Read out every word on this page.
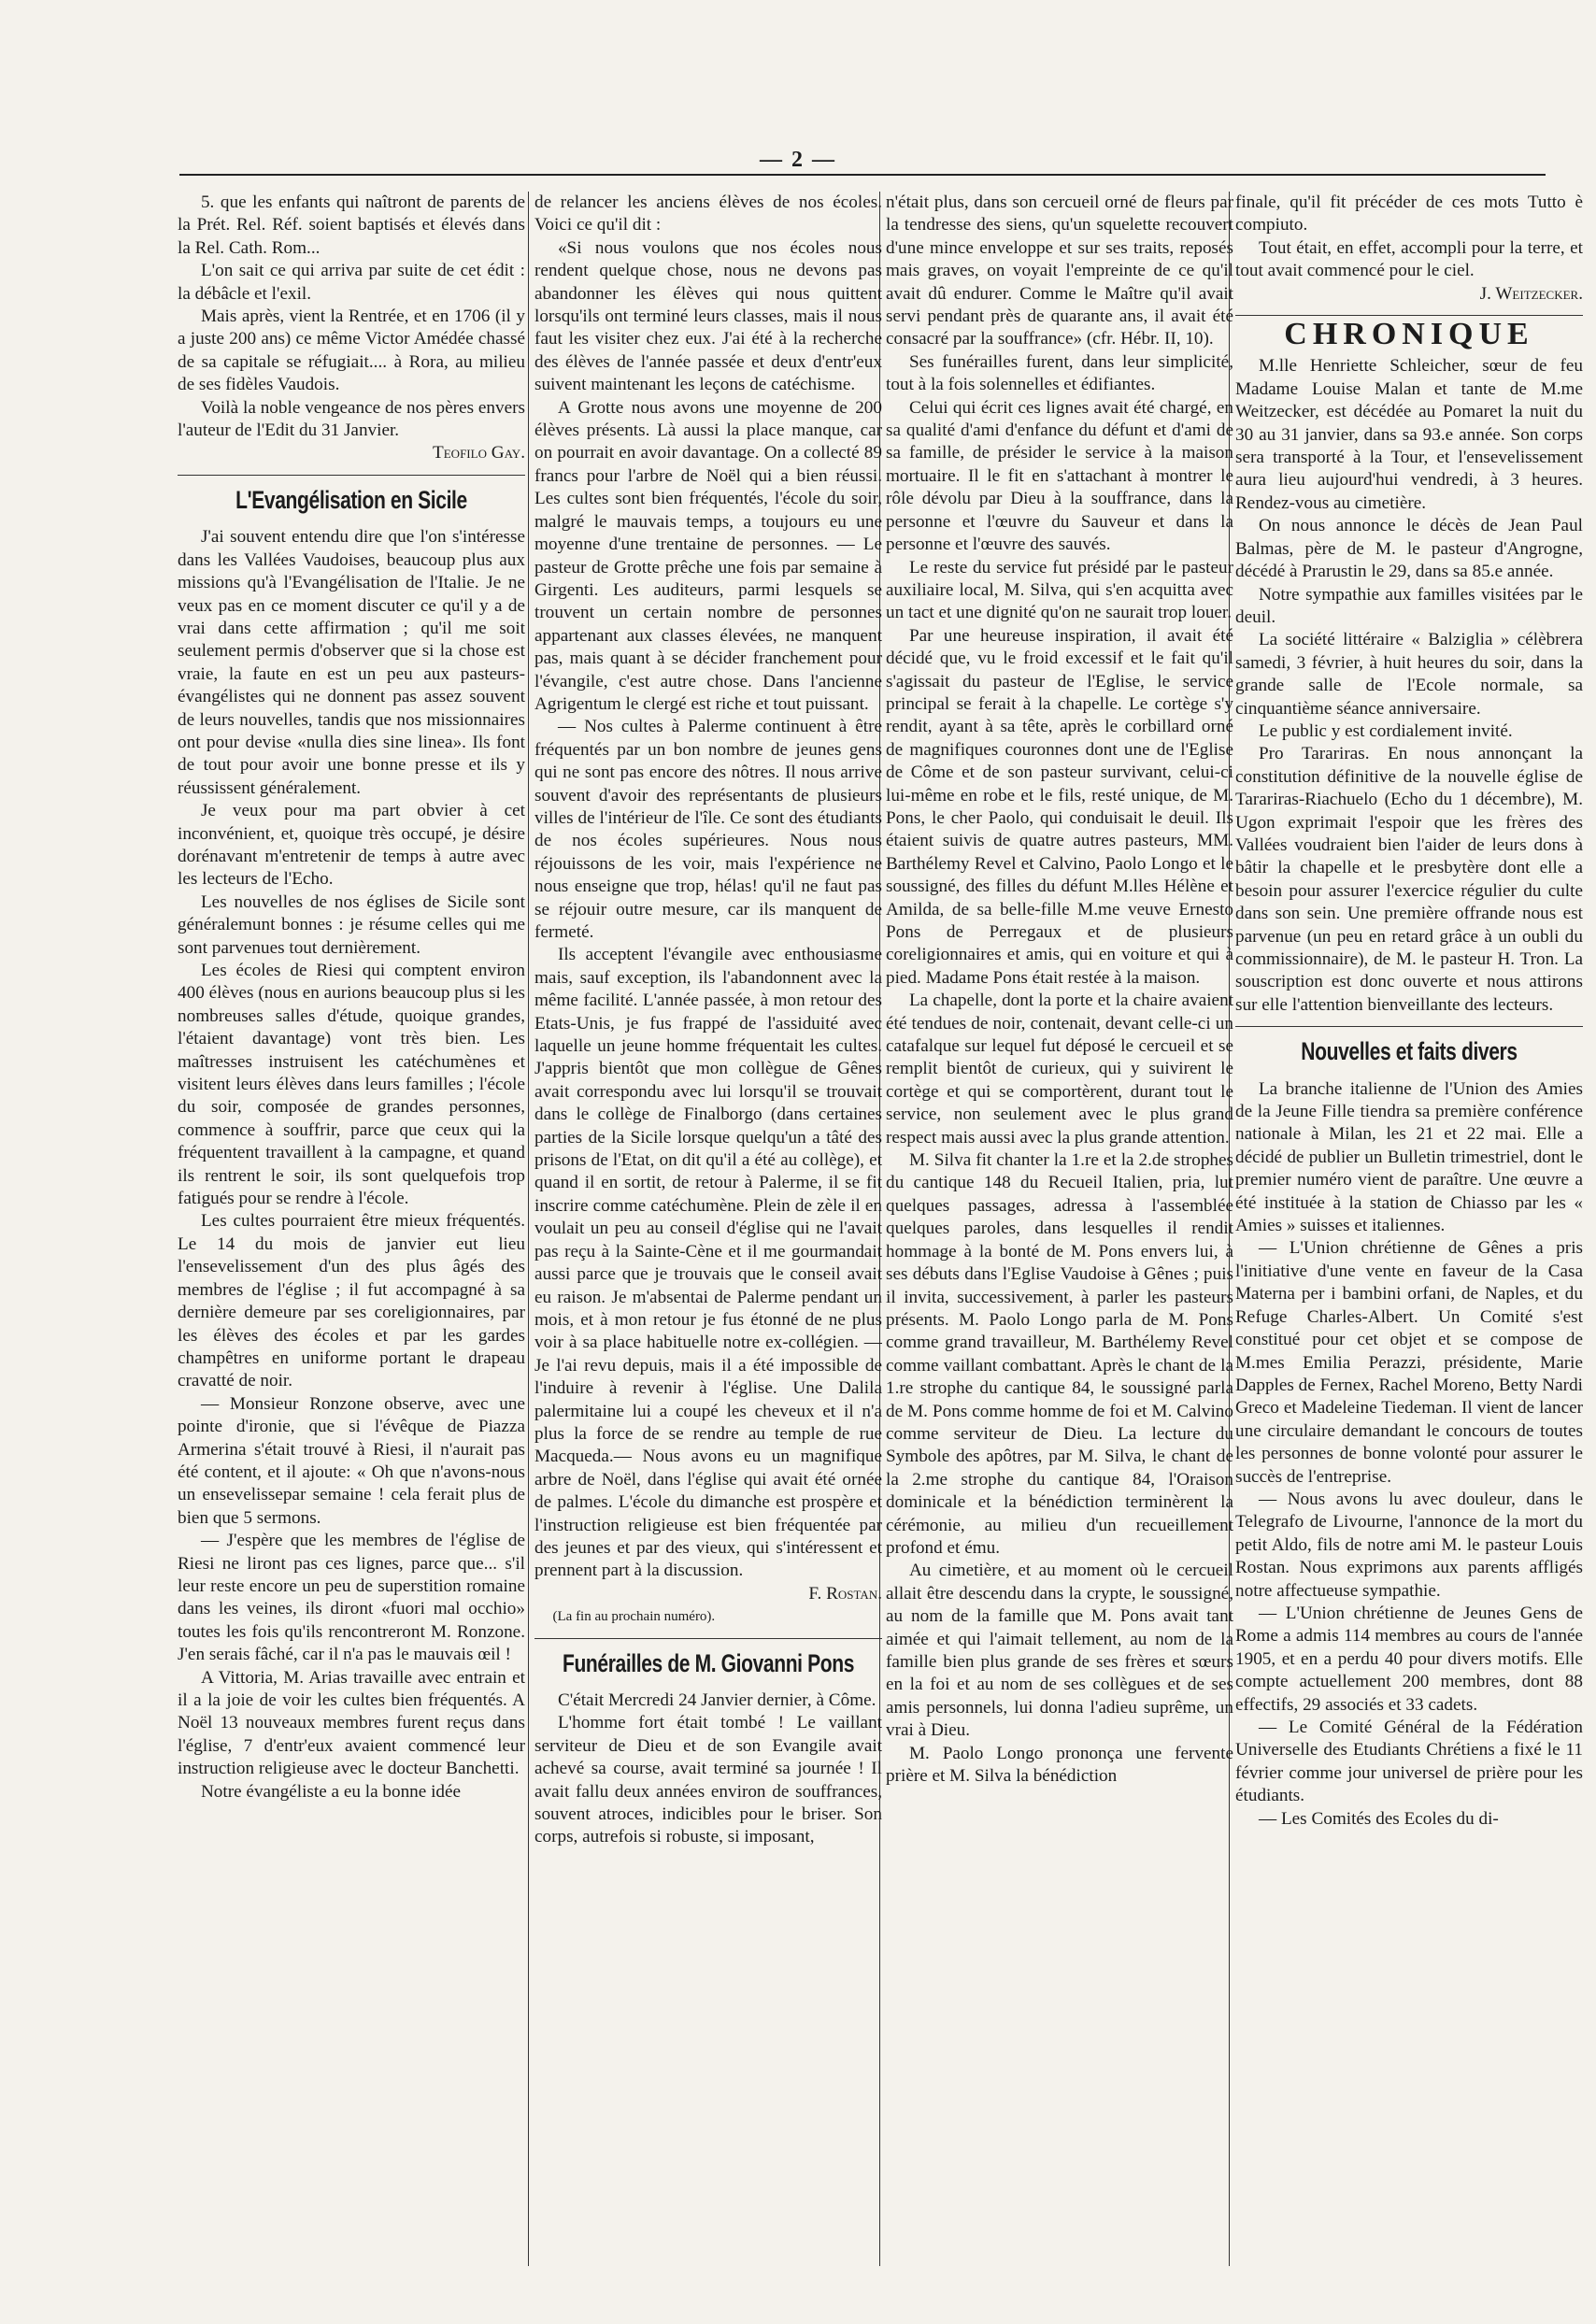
— 2 —

5. que les enfants qui naîtront de parents de la Prét. Rel. Réf. soient baptisés et élevés dans la Rel. Cath. Rom...

L'on sait ce qui arriva par suite de cet édit : la débâcle et l'exil.

Mais après, vient la Rentrée, et en 1706 (il y a juste 200 ans) ce même Victor Amédée chassé de sa capitale se réfugiait.... à Rora, au milieu de ses fidèles Vaudois.

Voilà la noble vengeance de nos pères envers l'auteur de l'Edit du 31 Janvier.

Teofilo Gay.

L'Evangélisation en Sicile

J'ai souvent entendu dire que l'on s'intéresse dans les Vallées Vaudoises, beaucoup plus aux missions qu'à l'Evangélisation de l'Italie. Je ne veux pas en ce moment discuter ce qu'il y a de vrai dans cette affirmation ; qu'il me soit seulement permis d'observer que si la chose est vraie, la faute en est un peu aux pasteurs-évangélistes qui ne donnent pas assez souvent de leurs nouvelles, tandis que nos missionnaires ont pour devise «nulla dies sine linea». Ils font de tout pour avoir une bonne presse et ils y réussissent généralement.

Je veux pour ma part obvier à cet inconvénient, et, quoique très occupé, je désire dorénavant m'entretenir de temps à autre avec les lecteurs de l'Echo.

Les nouvelles de nos églises de Sicile sont généralemunt bonnes : je résume celles qui me sont parvenues tout dernièrement.

Les écoles de Riesi qui comptent environ 400 élèves (nous en aurions beaucoup plus si les nombreuses salles d'étude, quoique grandes, l'étaient davantage) vont très bien. Les maîtresses instruisent les catéchumènes et visitent leurs élèves dans leurs familles ; l'école du soir, composée de grandes personnes, commence à souffrir, parce que ceux qui la fréquentent travaillent à la campagne, et quand ils rentrent le soir, ils sont quelquefois trop fatigués pour se rendre à l'école.

Les cultes pourraient être mieux fréquentés. Le 14 du mois de janvier eut lieu l'ensevelissement d'un des plus âgés des membres de l'église ; il fut accompagné à sa dernière demeure par ses coreligionnaires, par les élèves des écoles et par les gardes champêtres en uniforme portant le drapeau cravatté de noir.

— Monsieur Ronzone observe, avec une pointe d'ironie, que si l'évêque de Piazza Armerina s'était trouvé à Riesi, il n'aurait pas été content, et il ajoute: « Oh que n'avons-nous un ensevelissepar semaine ! cela ferait plus de bien que 5 sermons.

— J'espère que les membres de l'église de Riesi ne liront pas ces lignes, parce que... s'il leur reste encore un peu de superstition romaine dans les veines, ils diront «fuori mal occhio» toutes les fois qu'ils rencontreront M. Ronzone. J'en serais fâché, car il n'a pas le mauvais œil !

A Vittoria, M. Arias travaille avec entrain et il a la joie de voir les cultes bien fréquentés. A Noël 13 nouveaux membres furent reçus dans l'église, 7 d'entr'eux avaient commencé leur instruction religieuse avec le docteur Banchetti.

Notre évangéliste a eu la bonne idée

de relancer les anciens élèves de nos écoles. Voici ce qu'il dit :

«Si nous voulons que nos écoles nous rendent quelque chose, nous ne devons pas abandonner les élèves qui nous quittent lorsqu'ils ont terminé leurs classes, mais il nous faut les visiter chez eux. J'ai été à la recherche des élèves de l'année passée et deux d'entr'eux suivent maintenant les leçons de catéchisme.

A Grotte nous avons une moyenne de 200 élèves présents. Là aussi la place manque, car on pourrait en avoir davantage. On a collecté 89 francs pour l'arbre de Noël qui a bien réussi. Les cultes sont bien fréquentés, l'école du soir, malgré le mauvais temps, a toujours eu une moyenne d'une trentaine de personnes. — Le pasteur de Grotte prêche une fois par semaine à Girgenti. Les auditeurs, parmi lesquels se trouvent un certain nombre de personnes appartenant aux classes élevées, ne manquent pas, mais quant à se décider franchement pour l'évangile, c'est autre chose. Dans l'ancienne Agrigentum le clergé est riche et tout puissant.

— Nos cultes à Palerme continuent à être fréquentés par un bon nombre de jeunes gens qui ne sont pas encore des nôtres. Il nous arrive souvent d'avoir des représentants de plusieurs villes de l'intérieur de l'île. Ce sont des étudiants de nos écoles supérieures. Nous nous réjouissons de les voir, mais l'expérience ne nous enseigne que trop, hélas! qu'il ne faut pas se réjouir outre mesure, car ils manquent de fermeté.

Ils acceptent l'évangile avec enthousiasme mais, sauf exception, ils l'abandonnent avec la même facilité. L'année passée, à mon retour des Etats-Unis, je fus frappé de l'assiduité avec laquelle un jeune homme fréquentait les cultes. J'appris bientôt que mon collègue de Gênes avait correspondu avec lui lorsqu'il se trouvait dans le collège de Finalborgo (dans certaines parties de la Sicile lorsque quelqu'un a tâté des prisons de l'Etat, on dit qu'il a été au collège), et quand il en sortit, de retour à Palerme, il se fit inscrire comme catéchumène. Plein de zèle il en voulait un peu au conseil d'église qui ne l'avait pas reçu à la Sainte-Cène et il me gourmandait aussi parce que je trouvais que le conseil avait eu raison. Je m'absentai de Palerme pendant un mois, et à mon retour je fus étonné de ne plus voir à sa place habituelle notre ex-collégien. — Je l'ai revu depuis, mais il a été impossible de l'induire à revenir à l'église. Une Dalila palermitaine lui a coupé les cheveux et il n'a plus la force de se rendre au temple de rue Macqueda.— Nous avons eu un magnifique arbre de Noël, dans l'église qui avait été ornée de palmes. L'école du dimanche est prospère et l'instruction religieuse est bien fréquentée par des jeunes et par des vieux, qui s'intéressent et prennent part à la discussion.

F. Rostan.

(La fin au prochain numéro).

Funérailles de M. Giovanni Pons

C'était Mercredi 24 Janvier dernier, à Côme.

L'homme fort était tombé ! Le vaillant serviteur de Dieu et de son Evangile avait achevé sa course, avait terminé sa journée ! Il avait fallu deux années environ de souffrances, souvent atroces, indicibles pour le briser. Son corps, autrefois si robuste, si imposant,

n'était plus, dans son cercueil orné de fleurs par la tendresse des siens, qu'un squelette recouvert d'une mince enveloppe et sur ses traits, reposés mais graves, on voyait l'empreinte de ce qu'il avait dû endurer. Comme le Maître qu'il avait servi pendant près de quarante ans, il avait été consacré par la souffrance» (cfr. Hébr. II, 10).

Ses funérailles furent, dans leur simplicité, tout à la fois solennelles et édifiantes.

Celui qui écrit ces lignes avait été chargé, en sa qualité d'ami d'enfance du défunt et d'ami de sa famille, de présider le service à la maison mortuaire. Il le fit en s'attachant à montrer le rôle dévolu par Dieu à la souffrance, dans la personne et l'œuvre du Sauveur et dans la personne et l'œuvre des sauvés.

Le reste du service fut présidé par le pasteur auxiliaire local, M. Silva, qui s'en acquitta avec un tact et une dignité qu'on ne saurait trop louer.

Par une heureuse inspiration, il avait été décidé que, vu le froid excessif et le fait qu'il s'agissait du pasteur de l'Eglise, le service principal se ferait à la chapelle. Le cortège s'y rendit, ayant à sa tête, après le corbillard orné de magnifiques couronnes dont une de l'Eglise de Côme et de son pasteur survivant, celui-ci lui-même en robe et le fils, resté unique, de M. Pons, le cher Paolo, qui conduisait le deuil. Ils étaient suivis de quatre autres pasteurs, MM. Barthélemy Revel et Calvino, Paolo Longo et le soussigné, des filles du défunt M.lles Hélène et Amilda, de sa belle-fille M.me veuve Ernesto Pons de Perregaux et de plusieurs coreligionnaires et amis, qui en voiture et qui à pied. Madame Pons était restée à la maison.

La chapelle, dont la porte et la chaire avaient été tendues de noir, contenait, devant celle-ci un catafalque sur lequel fut déposé le cercueil et se remplit bientôt de curieux, qui y suivirent le cortège et qui se comportèrent, durant tout le service, non seulement avec le plus grand respect mais aussi avec la plus grande attention.

M. Silva fit chanter la 1.re et la 2.de strophes du cantique 148 du Recueil Italien, pria, lut quelques passages, adressa à l'assemblée quelques paroles, dans lesquelles il rendit hommage à la bonté de M. Pons envers lui, à ses débuts dans l'Eglise Vaudoise à Gênes ; puis il invita, successivement, à parler les pasteurs présents. M. Paolo Longo parla de M. Pons comme grand travailleur, M. Barthélemy Revel comme vaillant combattant. Après le chant de la 1.re strophe du cantique 84, le soussigné parla de M. Pons comme homme de foi et M. Calvino comme serviteur de Dieu. La lecture du Symbole des apôtres, par M. Silva, le chant de la 2.me strophe du cantique 84, l'Oraison dominicale et la bénédiction terminèrent la cérémonie, au milieu d'un recueillement profond et ému.

Au cimetière, et au moment où le cercueil allait être descendu dans la crypte, le soussigné, au nom de la famille que M. Pons avait tant aimée et qui l'aimait tellement, au nom de la famille bien plus grande de ses frères et sœurs en la foi et au nom de ses collègues et de ses amis personnels, lui donna l'adieu suprême, un vrai à Dieu.

M. Paolo Longo prononça une fervente prière et M. Silva la bénédiction

finale, qu'il fit précéder de ces mots Tutto è compiuto.

Tout était, en effet, accompli pour la terre, et tout avait commencé pour le ciel.

J. Weitzecker.

CHRONIQUE

M.lle Henriette Schleicher, sœur de feu Madame Louise Malan et tante de M.me Weitzecker, est décédée au Pomaret la nuit du 30 au 31 janvier, dans sa 93.e année. Son corps sera transporté à la Tour, et l'ensevelissement aura lieu aujourd'hui vendredi, à 3 heures. Rendez-vous au cimetière.

On nous annonce le décès de Jean Paul Balmas, père de M. le pasteur d'Angrogne, décédé à Prarustin le 29, dans sa 85.e année.

Notre sympathie aux familles visitées par le deuil.

La société littéraire « Balziglia » célèbrera samedi, 3 février, à huit heures du soir, dans la grande salle de l'Ecole normale, sa cinquantième séance anniversaire.

Le public y est cordialement invité.

Pro Tarariras. En nous annonçant la constitution définitive de la nouvelle église de Tarariras-Riachuelo (Echo du 1 décembre), M. Ugon exprimait l'espoir que les frères des Vallées voudraient bien l'aider de leurs dons à bâtir la chapelle et le presbytère dont elle a besoin pour assurer l'exercice régulier du culte dans son sein. Une première offrande nous est parvenue (un peu en retard grâce à un oubli du commissionnaire), de M. le pasteur H. Tron. La souscription est donc ouverte et nous attirons sur elle l'attention bienveillante des lecteurs.

Nouvelles et faits divers

La branche italienne de l'Union des Amies de la Jeune Fille tiendra sa première conférence nationale à Milan, les 21 et 22 mai. Elle a décidé de publier un Bulletin trimestriel, dont le premier numéro vient de paraître. Une œuvre a été instituée à la station de Chiasso par les « Amies » suisses et italiennes.

— L'Union chrétienne de Gênes a pris l'initiative d'une vente en faveur de la Casa Materna per i bambini orfani, de Naples, et du Refuge Charles-Albert. Un Comité s'est constitué pour cet objet et se compose de M.mes Emilia Perazzi, présidente, Marie Dapples de Fernex, Rachel Moreno, Betty Nardi Greco et Madeleine Tiedeman. Il vient de lancer une circulaire demandant le concours de toutes les personnes de bonne volonté pour assurer le succès de l'entreprise.

— Nous avons lu avec douleur, dans le Telegrafo de Livourne, l'annonce de la mort du petit Aldo, fils de notre ami M. le pasteur Louis Rostan. Nous exprimons aux parents affligés notre affectueuse sympathie.

— L'Union chrétienne de Jeunes Gens de Rome a admis 114 membres au cours de l'année 1905, et en a perdu 40 pour divers motifs. Elle compte actuellement 200 membres, dont 88 effectifs, 29 associés et 33 cadets.

— Le Comité Général de la Fédération Universelle des Etudiants Chrétiens a fixé le 11 février comme jour universel de prière pour les étudiants.

— Les Comités des Ecoles du di-
